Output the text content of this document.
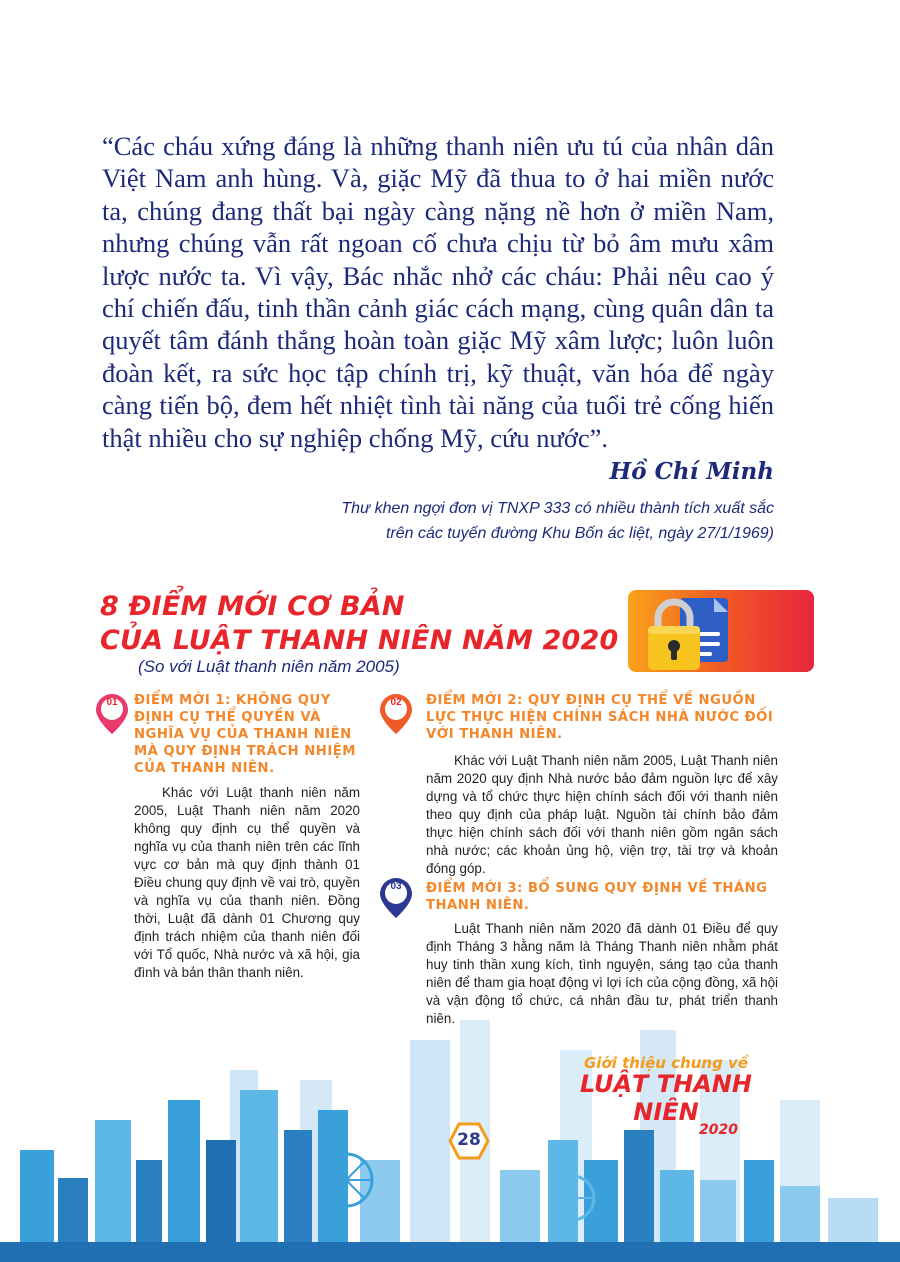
“Các cháu xứng đáng là những thanh niên ưu tú của nhân dân Việt Nam anh hùng. Và, giặc Mỹ đã thua to ở hai miền nước ta, chúng đang thất bại ngày càng nặng nề hơn ở miền Nam, nhưng chúng vẫn rất ngoan cố chưa chịu từ bỏ âm mưu xâm lược nước ta. Vì vậy, Bác nhắc nhở các cháu: Phải nêu cao ý chí chiến đấu, tinh thần cảnh giác cách mạng, cùng quân dân ta quyết tâm đánh thắng hoàn toàn giặc Mỹ xâm lược; luôn luôn đoàn kết, ra sức học tập chính trị, kỹ thuật, văn hóa để ngày càng tiến bộ, đem hết nhiệt tình tài năng của tuổi trẻ cống hiến thật nhiều cho sự nghiệp chống Mỹ, cứu nước”.

Hồ Chí Minh
Thư khen ngợi đơn vị TNXP 333 có nhiều thành tích xuất sắc
trên các tuyến đường Khu Bốn ác liệt, ngày 27/1/1969)
8 ĐIỂM MỚI CƠ BẢN
CỦA LUẬT THANH NIÊN NĂM 2020
(So với Luật thanh niên năm 2005)
01	ĐIỂM MỚI 1: KHÔNG QUY ĐỊNH CỤ THỂ QUYỀN VÀ NGHĨA VỤ CỦA THANH NIÊN MÀ QUY ĐỊNH TRÁCH NHIỆM CỦA THANH NIÊN.

Khác với Luật thanh niên năm 2005, Luật Thanh niên năm 2020 không quy định cụ thể quyền và nghĩa vụ của thanh niên trên các lĩnh vực cơ bản mà quy định thành 01 Điều chung quy định về vai trò, quyền và nghĩa vụ của thanh niên. Đồng thời, Luật đã dành 01 Chương quy định trách nhiệm của thanh niên đối với Tổ quốc, Nhà nước và xã hội, gia đình và bản thân thanh niên.

02	ĐIỂM MỚI 2: QUY ĐỊNH CỤ THỂ VỀ NGUỒN LỰC THỰC HIỆN CHÍNH SÁCH NHÀ NƯỚC ĐỐI VỚI THANH NIÊN.

Khác với Luật Thanh niên năm 2005, Luật Thanh niên năm 2020 quy định Nhà nước bảo đảm nguồn lực để xây dựng và tổ chức thực hiện chính sách đối với thanh niên theo quy định của pháp luật. Nguồn tài chính bảo đảm thực hiện chính sách đối với thanh niên gồm ngân sách nhà nước; các khoản ủng hộ, viện trợ, tài trợ và khoản đóng góp.

03	ĐIỂM MỚI 3: BỔ SUNG QUY ĐỊNH VỀ THÁNG THANH NIÊN.

Luật Thanh niên năm 2020 đã dành 01 Điều để quy định Tháng 3 hằng năm là Tháng Thanh niên nhằm phát huy tinh thần xung kích, tình nguyện, sáng tạo của thanh niên để tham gia hoạt động vì lợi ích của cộng đồng, xã hội và vận động tổ chức, cá nhân đầu tư, phát triển thanh niên.

Giới thiệu chung về
LUẬT THANH NIÊN
2020
28
